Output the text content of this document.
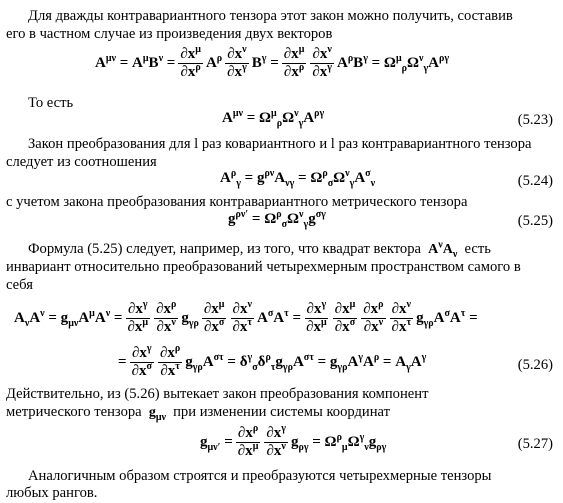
Для дважды контравариантного тензора этот закон можно получить, составив
его в частном случае из произведения двух векторов
$A^{\mu\nu} = A^\mu B^\nu = \frac{\partial x^\mu}{\partial x^\rho} A^\rho \frac{\partial x^\nu}{\partial x^\gamma} B^\gamma = \frac{\partial x^\mu}{\partial x^\rho} \frac{\partial x^\nu}{\partial x^\gamma} A^\rho B^\gamma = \Omega^\mu_\rho\Omega^\nu_\gamma A^{\rho\gamma}$
То есть
$A^{\mu\nu} = \Omega^\mu_\rho\Omega^\nu_\gamma A^{\rho\gamma}$	(5.23)
Закон преобразования для l раз ковариантного и l раз контравариантного тензора
следует из соотношения
$A^\rho_\gamma = g^{\rho\nu}A_{\nu\gamma} = \Omega^\rho_\sigma\Omega^\nu_\gamma A^\sigma_\nu$	(5.24)
с учетом закона преобразования контравариантного метрического тензора
$g^{\rho\nu'} = \Omega^\rho_\sigma\Omega^\nu_\gamma g^{\sigma\gamma}$	(5.25)
Формула (5.25) следует, например, из того, что квадрат вектора  $A^\nu A_\nu$ есть
инвариант относительно преобразований четырехмерным пространством самого в
себя
$A_\nu A^\nu = g_{\mu\nu}A^\mu A^\nu = \frac{\partial x^\gamma}{\partial x^\mu} \frac{\partial x^\rho}{\partial x^\nu} g_{\gamma\rho} \frac{\partial x^\mu}{\partial x^\sigma} \frac{\partial x^\nu}{\partial x^\tau} A^\sigma A^\tau = \frac{\partial x^\gamma}{\partial x^\mu} \frac{\partial x^\mu}{\partial x^\sigma} \frac{\partial x^\rho}{\partial x^\nu} \frac{\partial x^\nu}{\partial x^\tau} g_{\gamma\rho}A^\sigma A^\tau$ =
= $\frac{\partial x^\gamma}{\partial x^\sigma} \frac{\partial x^\rho}{\partial x^\tau} g_{\gamma\rho}A^{\sigma\tau} = \delta^\gamma_\sigma\delta^\rho_\tau g_{\gamma\rho}A^{\sigma\tau} = g_{\gamma\rho}A^\gamma A^\rho = A_\gamma A^\gamma$	(5.26)
Действительно, из (5.26) вытекает закон преобразования компонент
метрического тензора  $g_{\mu\nu}$ при изменении системы координат
$g_{\mu\nu'} = \frac{\partial x^\rho}{\partial x^\mu} \frac{\partial x^\gamma}{\partial x^\nu} g_{\rho\gamma} = \Omega^\rho_\mu\Omega^\gamma_\nu g_{\rho\gamma}$	(5.27)
Аналогичным образом строятся и преобразуются четырехмерные тензоры
любых рангов.
